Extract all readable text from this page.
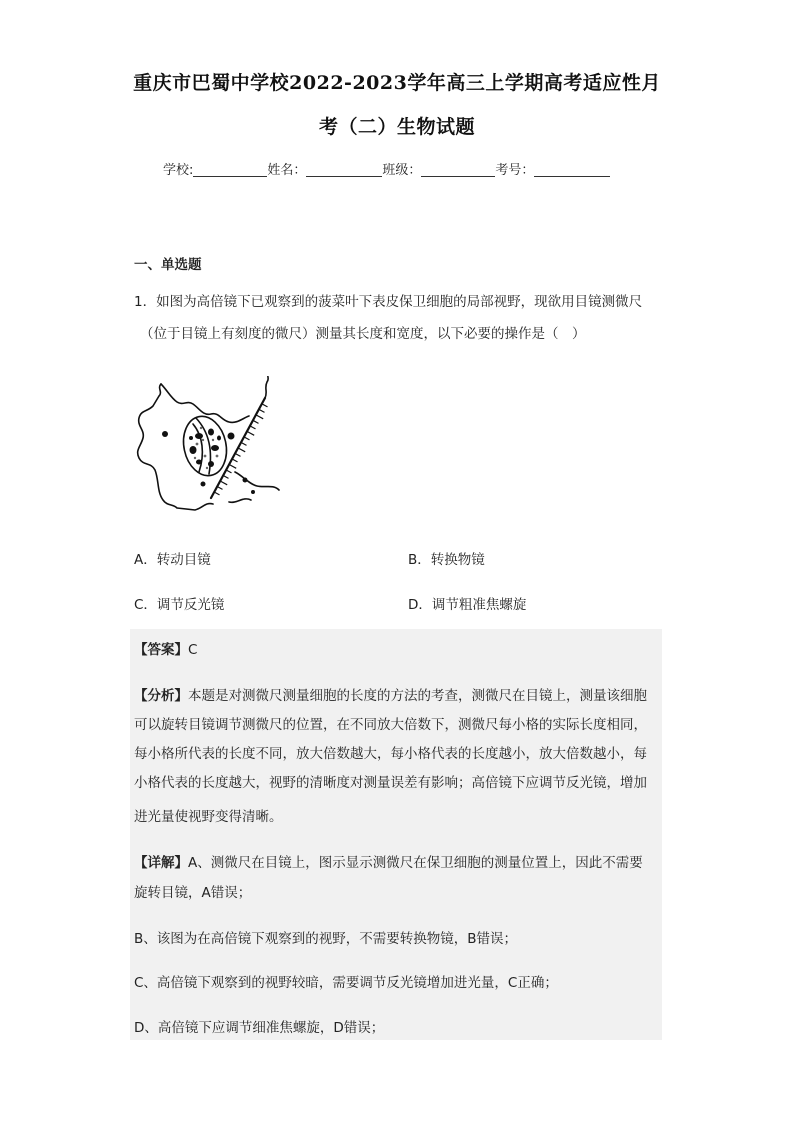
重庆市巴蜀中学校2022-2023学年高三上学期高考适应性月
考（二）生物试题
学校:	姓名：	班级：	考号：
一、单选题
1．如图为高倍镜下已观察到的菠菜叶下表皮保卫细胞的局部视野，现欲用目镜测微尺
（位于目镜上有刻度的微尺）测量其长度和宽度，以下必要的操作是（　）
A．转动目镜	B．转换物镜
C．调节反光镜	D．调节粗准焦螺旋
【答案】C
【分析】本题是对测微尺测量细胞的长度的方法的考查，测微尺在目镜上，测量该细胞
可以旋转目镜调节测微尺的位置，在不同放大倍数下，测微尺每小格的实际长度相同，
每小格所代表的长度不同，放大倍数越大，每小格代表的长度越小，放大倍数越小，每
小格代表的长度越大，视野的清晰度对测量误差有影响；高倍镜下应调节反光镜，增加
进光量使视野变得清晰。
【详解】A、测微尺在目镜上，图示显示测微尺在保卫细胞的测量位置上，因此不需要
旋转目镜，A错误；
B、该图为在高倍镜下观察到的视野，不需要转换物镜，B错误；
C、高倍镜下观察到的视野较暗，需要调节反光镜增加进光量，C正确；
D、高倍镜下应调节细准焦螺旋，D错误；
